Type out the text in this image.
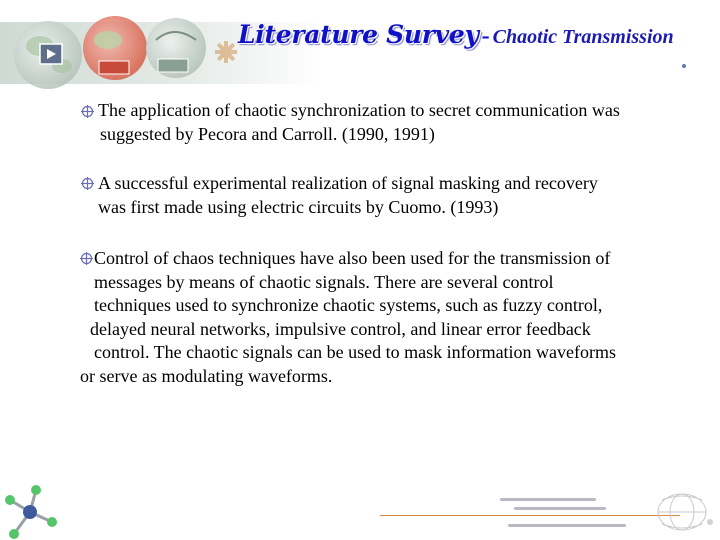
Literature Survey - Chaotic Transmission
The application of chaotic synchronization to secret communication was
suggested by Pecora and Carroll. (1990, 1991)
A successful experimental realization of signal masking and recovery
was first made using electric circuits by Cuomo. (1993)
Control of chaos techniques have also been used for the transmission of
messages by means of chaotic signals. There are several control
techniques used to synchronize chaotic systems, such as fuzzy control,
delayed neural networks, impulsive control, and linear error feedback
control. The chaotic signals can be used to mask information waveforms
or serve as modulating waveforms.
